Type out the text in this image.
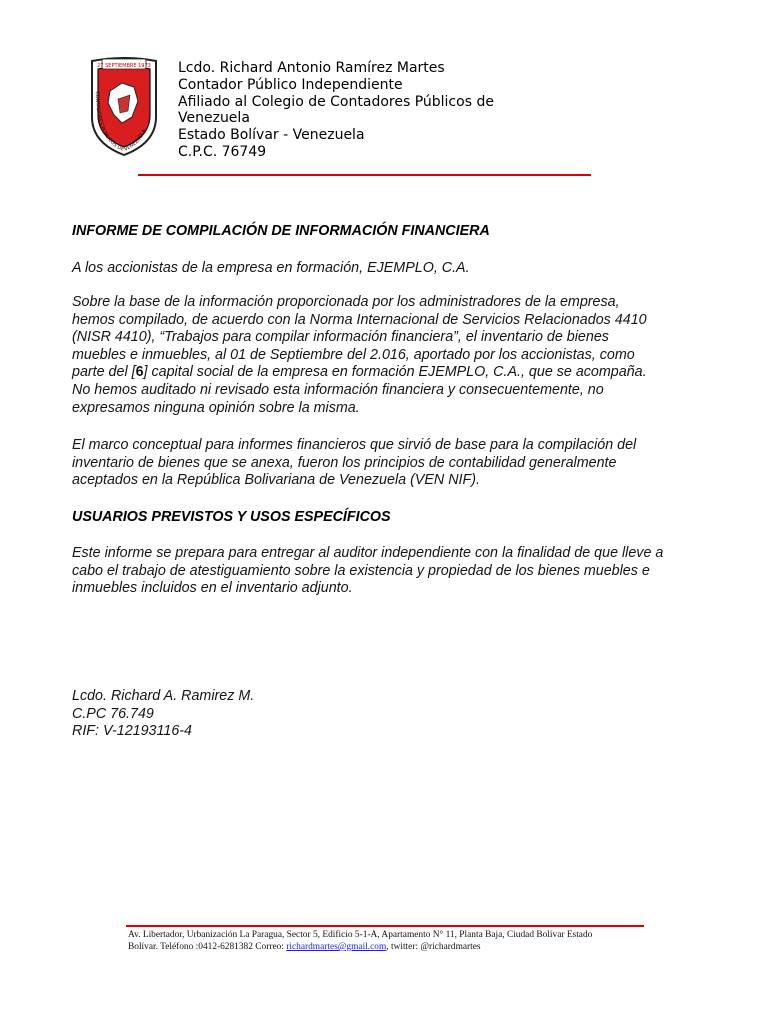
27 SEPTIEMBRE 1973
CONTADORES PUBLICOS DE VENEZUELA
Lcdo. Richard Antonio Ramírez Martes
Contador Público Independiente
Afiliado al Colegio de Contadores Públicos de
Venezuela
Estado Bolívar - Venezuela
C.P.C. 76749
INFORME DE COMPILACIÓN DE INFORMACIÓN FINANCIERA
A los accionistas de la empresa en formación, EJEMPLO, C.A.
Sobre la base de la información proporcionada por los administradores de la empresa,
hemos compilado, de acuerdo con la Norma Internacional de Servicios Relacionados 4410
(NISR 4410), “Trabajos para compilar información financiera”, el inventario de bienes
muebles e inmuebles, al 01 de Septiembre del 2.016, aportado por los accionistas, como
parte del [6] capital social de la empresa en formación EJEMPLO, C.A., que se acompaña.
No hemos auditado ni revisado esta información financiera y consecuentemente, no
expresamos ninguna opinión sobre la misma.
El marco conceptual para informes financieros que sirvió de base para la compilación del
inventario de bienes que se anexa, fueron los principios de contabilidad generalmente
aceptados en la República Bolivariana de Venezuela (VEN NIF).
USUARIOS PREVISTOS Y USOS ESPECÍFICOS
Este informe se prepara para entregar al auditor independiente con la finalidad de que lleve a
cabo el trabajo de atestiguamiento sobre la existencia y propiedad de los bienes muebles e
inmuebles incluidos en el inventario adjunto.
Lcdo. Richard A. Ramirez M.
C.PC 76.749
RIF: V-12193116-4
Av. Libertador, Urbanización La Paragua, Sector 5, Edificio 5-1-A, Apartamento N° 11, Planta Baja, Ciudad Bolívar Estado
Bolívar. Teléfono :0412-6281382 Correo: richardmartes@gmail.com, twitter: @richardmartes
